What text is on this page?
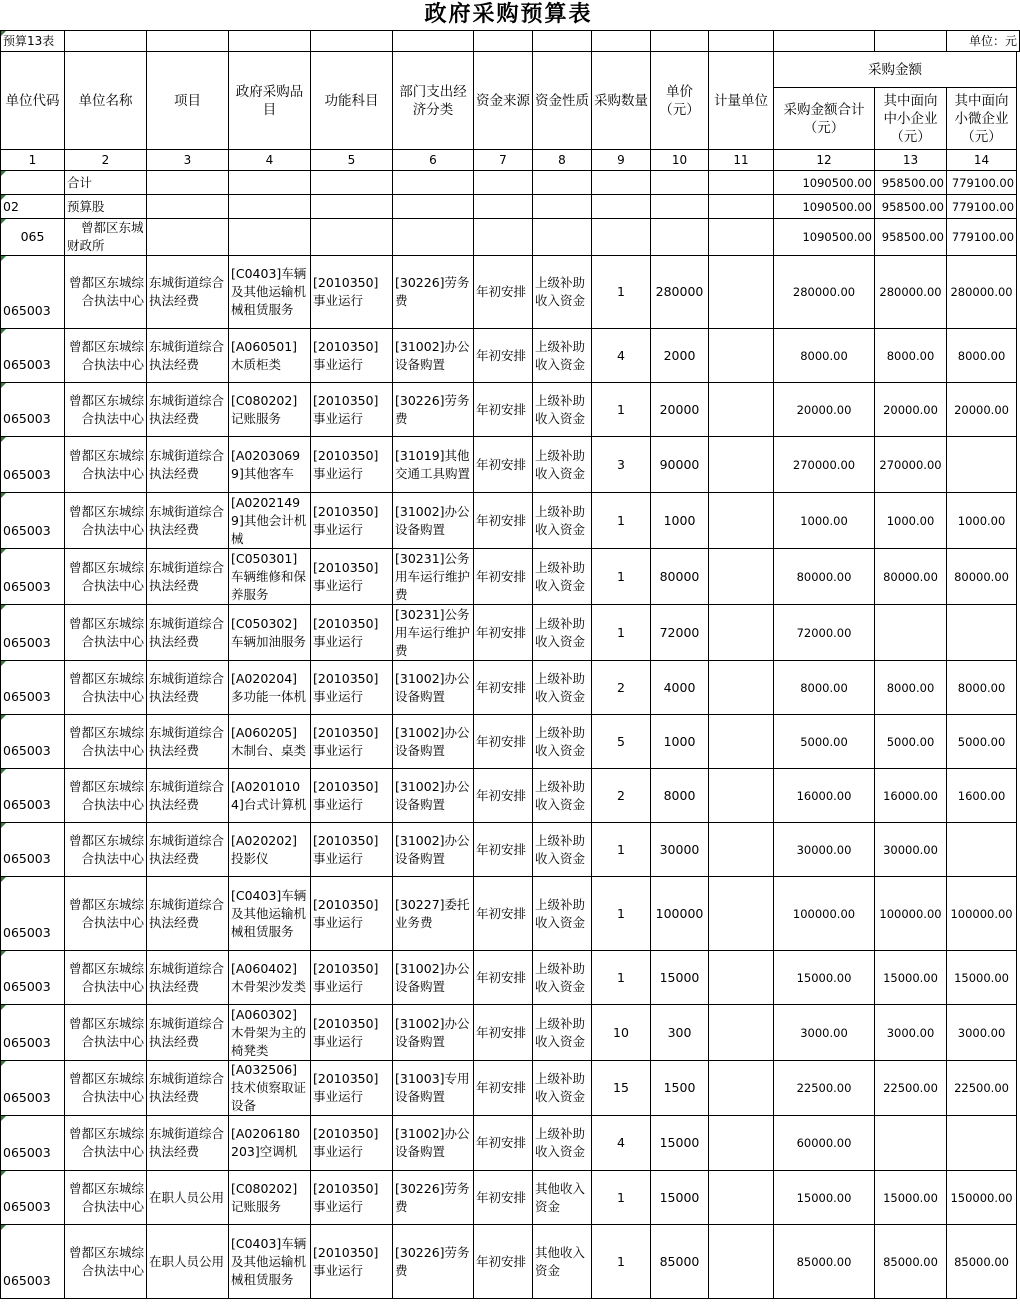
政府采购预算表													
预算13表													单位：元
单位代码	单位名称	项目	政府采购品目	功能科目	部门支出经济分类	资金来源	资金性质	采购数量	单价（元）	计量单位	采购金额		
											采购金额合计（元）	其中面向中小企业（元）	其中面向小微企业（元）
1	2	3	4	5	6	7	8	9	10	11	12	13	14
	合计										1090500.00	958500.00	779100.00
02	预算股										1090500.00	958500.00	779100.00
065	曾都区东城财政所										1090500.00	958500.00	779100.00
065003	曾都区东城综合执法中心	东城街道综合执法经费	[C0403]车辆及其他运输机械租赁服务	[2010350]事业运行	[30226]劳务费	年初安排	上级补助收入资金	1	280000		280000.00	280000.00	280000.00
065003	曾都区东城综合执法中心	东城街道综合执法经费	[A060501]木质柜类	[2010350]事业运行	[31002]办公设备购置	年初安排	上级补助收入资金	4	2000		8000.00	8000.00	8000.00
065003	曾都区东城综合执法中心	东城街道综合执法经费	[C080202]记账服务	[2010350]事业运行	[30226]劳务费	年初安排	上级补助收入资金	1	20000		20000.00	20000.00	20000.00
065003	曾都区东城综合执法中心	东城街道综合执法经费	[A02030699]其他客车	[2010350]事业运行	[31019]其他交通工具购置	年初安排	上级补助收入资金	3	90000		270000.00	270000.00	
065003	曾都区东城综合执法中心	东城街道综合执法经费	[A02021499]其他会计机械	[2010350]事业运行	[31002]办公设备购置	年初安排	上级补助收入资金	1	1000		1000.00	1000.00	1000.00
065003	曾都区东城综合执法中心	东城街道综合执法经费	[C050301]车辆维修和保养服务	[2010350]事业运行	[30231]公务用车运行维护费	年初安排	上级补助收入资金	1	80000		80000.00	80000.00	80000.00
065003	曾都区东城综合执法中心	东城街道综合执法经费	[C050302]车辆加油服务	[2010350]事业运行	[30231]公务用车运行维护费	年初安排	上级补助收入资金	1	72000		72000.00		
065003	曾都区东城综合执法中心	东城街道综合执法经费	[A020204]多功能一体机	[2010350]事业运行	[31002]办公设备购置	年初安排	上级补助收入资金	2	4000		8000.00	8000.00	8000.00
065003	曾都区东城综合执法中心	东城街道综合执法经费	[A060205]木制台、桌类	[2010350]事业运行	[31002]办公设备购置	年初安排	上级补助收入资金	5	1000		5000.00	5000.00	5000.00
065003	曾都区东城综合执法中心	东城街道综合执法经费	[A02010104]台式计算机	[2010350]事业运行	[31002]办公设备购置	年初安排	上级补助收入资金	2	8000		16000.00	16000.00	1600.00
065003	曾都区东城综合执法中心	东城街道综合执法经费	[A020202]投影仪	[2010350]事业运行	[31002]办公设备购置	年初安排	上级补助收入资金	1	30000		30000.00	30000.00	
065003	曾都区东城综合执法中心	东城街道综合执法经费	[C0403]车辆及其他运输机械租赁服务	[2010350]事业运行	[30227]委托业务费	年初安排	上级补助收入资金	1	100000		100000.00	100000.00	100000.00
065003	曾都区东城综合执法中心	东城街道综合执法经费	[A060402]木骨架沙发类	[2010350]事业运行	[31002]办公设备购置	年初安排	上级补助收入资金	1	15000		15000.00	15000.00	15000.00
065003	曾都区东城综合执法中心	东城街道综合执法经费	[A060302]木骨架为主的椅凳类	[2010350]事业运行	[31002]办公设备购置	年初安排	上级补助收入资金	10	300		3000.00	3000.00	3000.00
065003	曾都区东城综合执法中心	东城街道综合执法经费	[A032506]技术侦察取证设备	[2010350]事业运行	[31003]专用设备购置	年初安排	上级补助收入资金	15	1500		22500.00	22500.00	22500.00
065003	曾都区东城综合执法中心	东城街道综合执法经费	[A0206180203]空调机	[2010350]事业运行	[31002]办公设备购置	年初安排	上级补助收入资金	4	15000		60000.00		
065003	曾都区东城综合执法中心	在职人员公用	[C080202]记账服务	[2010350]事业运行	[30226]劳务费	年初安排	其他收入资金	1	15000		15000.00	15000.00	150000.00
065003	曾都区东城综合执法中心	在职人员公用	[C0403]车辆及其他运输机械租赁服务	[2010350]事业运行	[30226]劳务费	年初安排	其他收入资金	1	85000		85000.00	85000.00	85000.00
